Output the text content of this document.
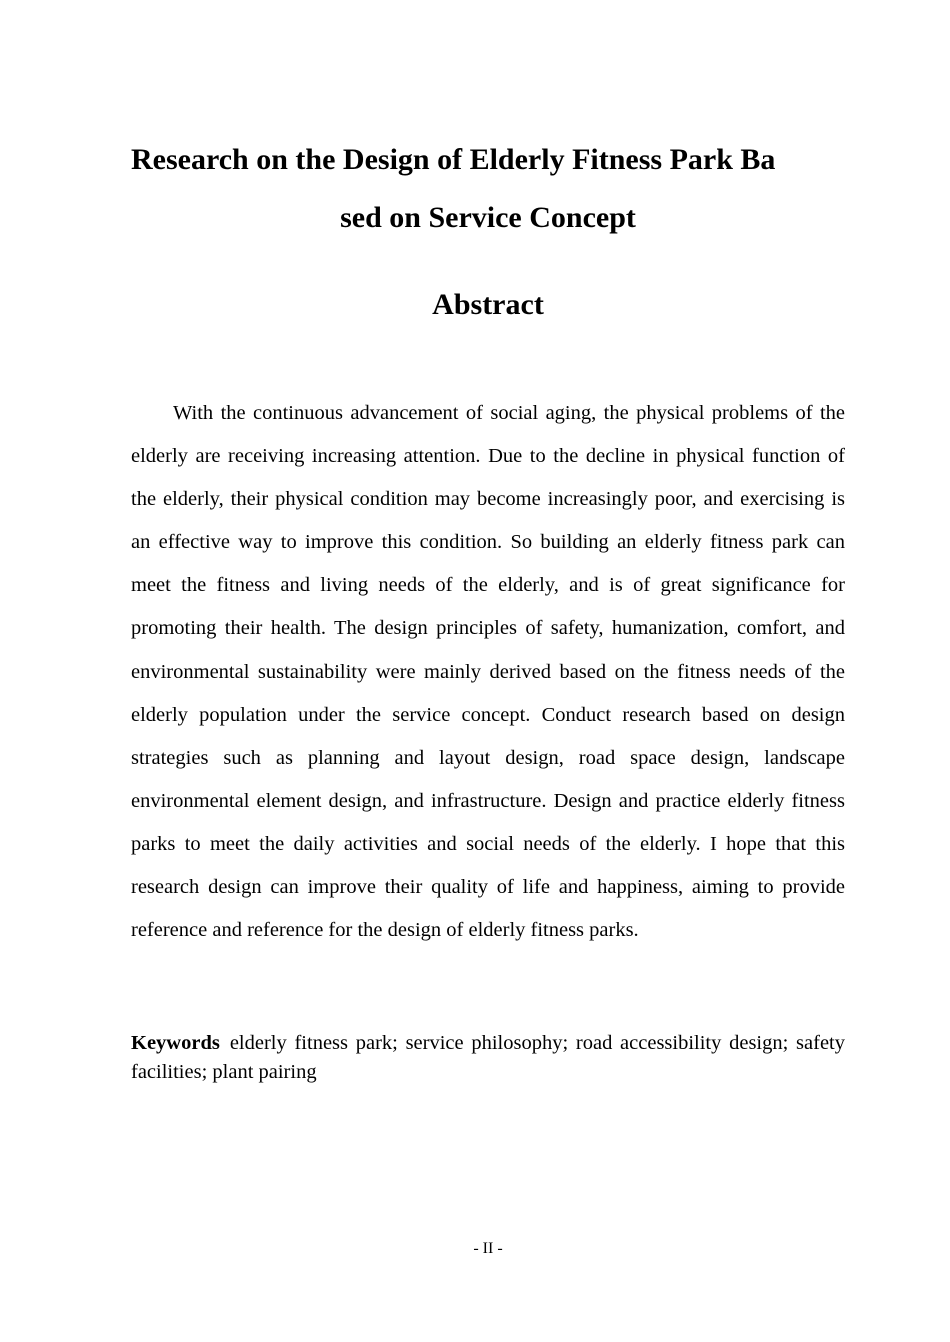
Research on the Design of Elderly Fitness Park Ba
sed on Service Concept
Abstract

With the continuous advancement of social aging, the physical problems of the elderly are receiving increasing attention. Due to the decline in physical function of the elderly, their physical condition may become increasingly poor, and exercising is an effective way to improve this condition. So building an elderly fitness park can meet the fitness and living needs of the elderly, and is of great significance for promoting their health. The design principles of safety, humanization, comfort, and environmental sustainability were mainly derived based on the fitness needs of the elderly population under the service concept. Conduct research based on design strategies such as planning and layout design, road space design, landscape environmental element design, and infrastructure. Design and practice elderly fitness parks to meet the daily activities and social needs of the elderly. I hope that this research design can improve their quality of life and happiness, aiming to provide reference and reference for the design of elderly fitness parks.

Keywords elderly fitness park; service philosophy; road accessibility design; safety facilities; plant pairing

- II -
